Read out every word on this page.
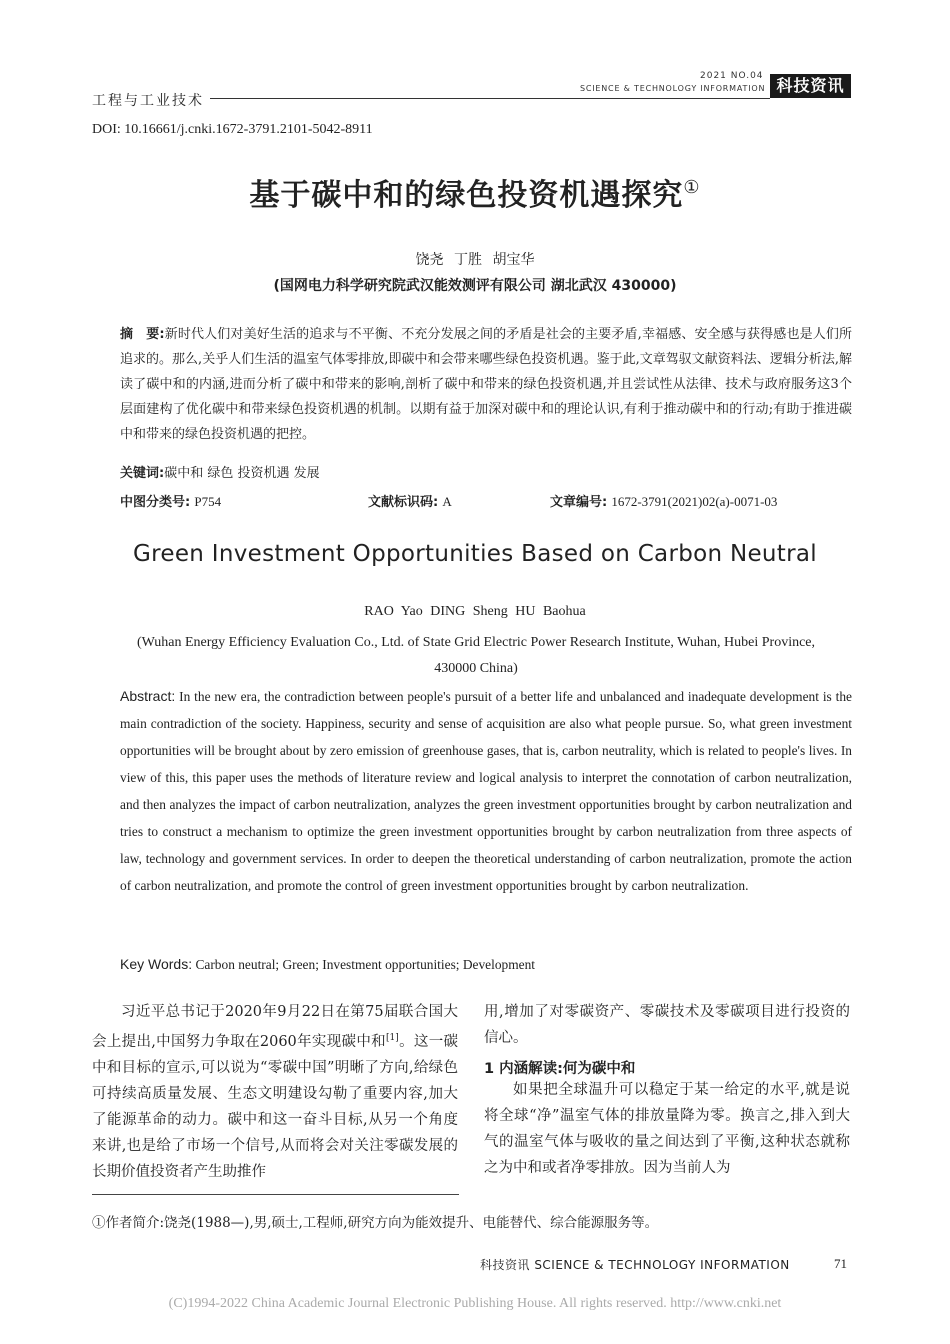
工程与工业技术
2021 NO.04
SCIENCE & TECHNOLOGY INFORMATION 科技资讯
DOI: 10.16661/j.cnki.1672-3791.2101-5042-8911
基于碳中和的绿色投资机遇探究①
饶尧 丁胜 胡宝华
(国网电力科学研究院武汉能效测评有限公司 湖北武汉 430000)
摘　要:新时代人们对美好生活的追求与不平衡、不充分发展之间的矛盾是社会的主要矛盾,幸福感、安全感与获得感也是人们所追求的。那么,关乎人们生活的温室气体零排放,即碳中和会带来哪些绿色投资机遇。鉴于此,文章驾驭文献资料法、逻辑分析法,解读了碳中和的内涵,进而分析了碳中和带来的影响,剖析了碳中和带来的绿色投资机遇,并且尝试性从法律、技术与政府服务这3个层面建构了优化碳中和带来绿色投资机遇的机制。以期有益于加深对碳中和的理论认识,有利于推动碳中和的行动;有助于推进碳中和带来的绿色投资机遇的把控。
关键词:碳中和 绿色 投资机遇 发展
中图分类号: P754	文献标识码: A	文章编号: 1672-3791(2021)02(a)-0071-03
Green Investment Opportunities Based on Carbon Neutral
RAO Yao DING Sheng HU Baohua
(Wuhan Energy Efficiency Evaluation Co., Ltd. of State Grid Electric Power Research Institute, Wuhan, Hubei Province, 430000 China)
Abstract: In the new era, the contradiction between people's pursuit of a better life and unbalanced and inadequate development is the main contradiction of the society. Happiness, security and sense of acquisition are also what people pursue. So, what green investment opportunities will be brought about by zero emission of greenhouse gases, that is, carbon neutrality, which is related to people's lives. In view of this, this paper uses the methods of literature review and logical analysis to interpret the connotation of carbon neutralization, and then analyzes the impact of carbon neutralization, analyzes the green investment opportunities brought by carbon neutralization and tries to construct a mechanism to optimize the green investment opportunities brought by carbon neutralization from three aspects of law, technology and government services. In order to deepen the theoretical understanding of carbon neutralization, promote the action of carbon neutralization, and promote the control of green investment opportunities brought by carbon neutralization.
Key Words: Carbon neutral; Green; Investment opportunities; Development
习近平总书记于2020年9月22日在第75届联合国大会上提出,中国努力争取在2060年实现碳中和[1]。这一碳中和目标的宣示,可以说为“零碳中国”明晰了方向,给绿色可持续高质量发展、生态文明建设勾勒了重要内容,加大了能源革命的动力。碳中和这一奋斗目标,从另一个角度来讲,也是给了市场一个信号,从而将会对关注零碳发展的长期价值投资者产生助推作
用,增加了对零碳资产、零碳技术及零碳项目进行投资的信心。
1 内涵解读:何为碳中和
如果把全球温升可以稳定于某一给定的水平,就是说将全球“净”温室气体的排放量降为零。换言之,排入到大气的温室气体与吸收的量之间达到了平衡,这种状态就称之为中和或者净零排放。因为当前人为
①作者简介:饶尧(1988—),男,硕士,工程师,研究方向为能效提升、电能替代、综合能源服务等。
科技资讯 SCIENCE & TECHNOLOGY INFORMATION	71
(C)1994-2022 China Academic Journal Electronic Publishing House. All rights reserved. http://www.cnki.net
